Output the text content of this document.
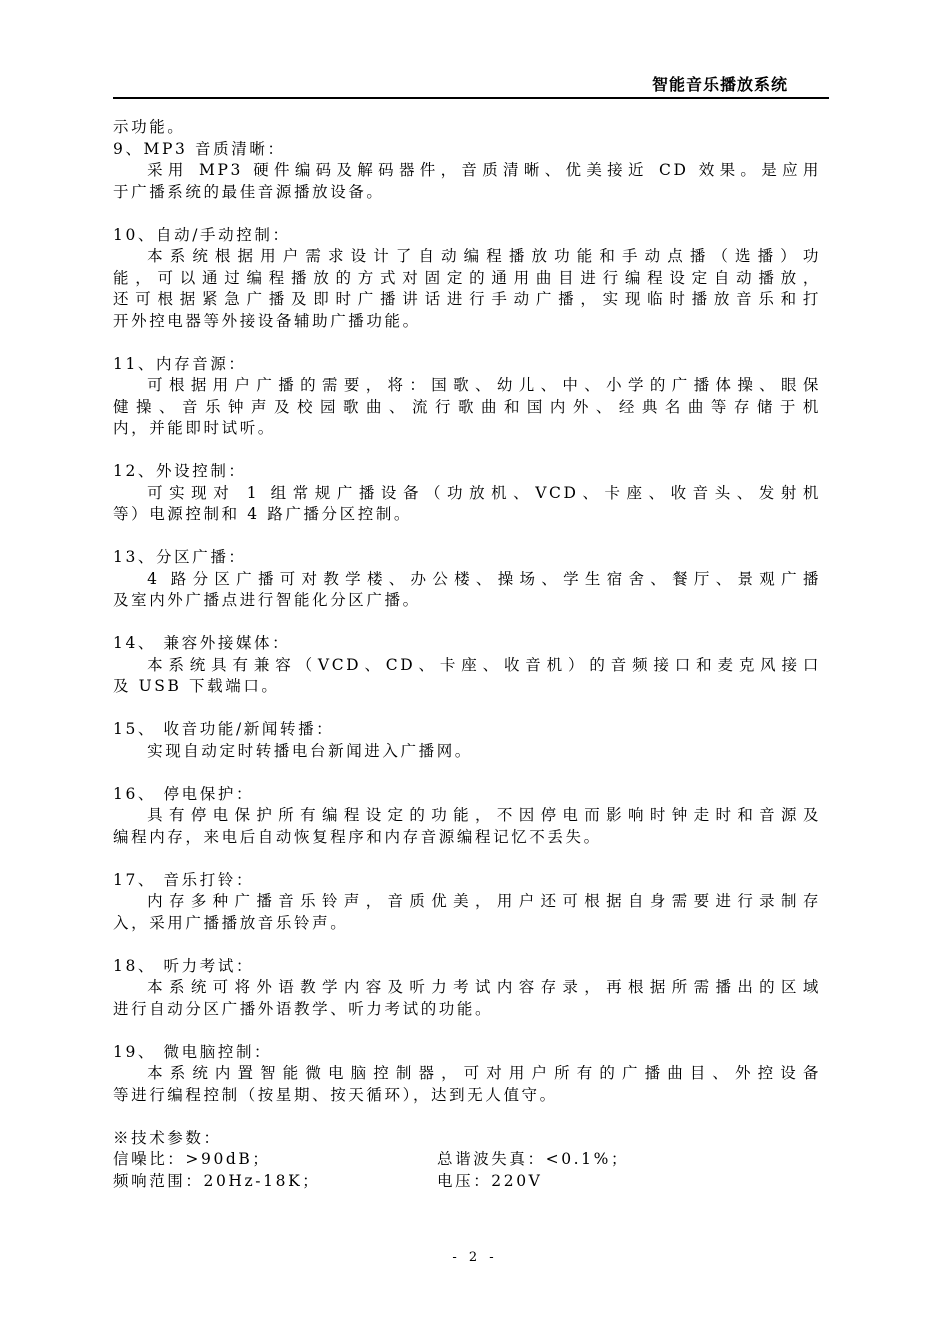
智能音乐播放系统
示功能。
9、MP3 音质清晰：
采用 MP3 硬件编码及解码器件，音质清晰、优美接近 CD 效果。是应用
于广播系统的最佳音源播放设备。
10、自动/手动控制：
本系统根据用户需求设计了自动编程播放功能和手动点播（选播）功
能，可以通过编程播放的方式对固定的通用曲目进行编程设定自动播放，
还可根据紧急广播及即时广播讲话进行手动广播，实现临时播放音乐和打
开外控电器等外接设备辅助广播功能。
11、内存音源：
可根据用户广播的需要，将：国歌、幼儿、中、小学的广播体操、眼保
健操、音乐钟声及校园歌曲、流行歌曲和国内外、经典名曲等存储于机
内，并能即时试听。
12、外设控制：
可实现对 1 组常规广播设备（功放机、VCD、卡座、收音头、发射机
等）电源控制和 4 路广播分区控制。
13、分区广播：
4 路分区广播可对教学楼、办公楼、操场、学生宿舍、餐厅、景观广播
及室内外广播点进行智能化分区广播。
14、 兼容外接媒体：
本系统具有兼容（VCD、CD、卡座、收音机）的音频接口和麦克风接口
及 USB 下载端口。
15、 收音功能/新闻转播：
实现自动定时转播电台新闻进入广播网。
16、 停电保护：
具有停电保护所有编程设定的功能，不因停电而影响时钟走时和音源及
编程内存，来电后自动恢复程序和内存音源编程记忆不丢失。
17、 音乐打铃：
内存多种广播音乐铃声，音质优美，用户还可根据自身需要进行录制存
入，采用广播播放音乐铃声。
18、 听力考试：
本系统可将外语教学内容及听力考试内容存录，再根据所需播出的区域
进行自动分区广播外语教学、听力考试的功能。
19、 微电脑控制：
本系统内置智能微电脑控制器，可对用户所有的广播曲目、外控设备
等进行编程控制（按星期、按天循环），达到无人值守。
※技术参数：
信噪比：>90dB；	总谐波失真：<0.1%；
频响范围：20Hz-18K；	电压：220V
- 2 -
